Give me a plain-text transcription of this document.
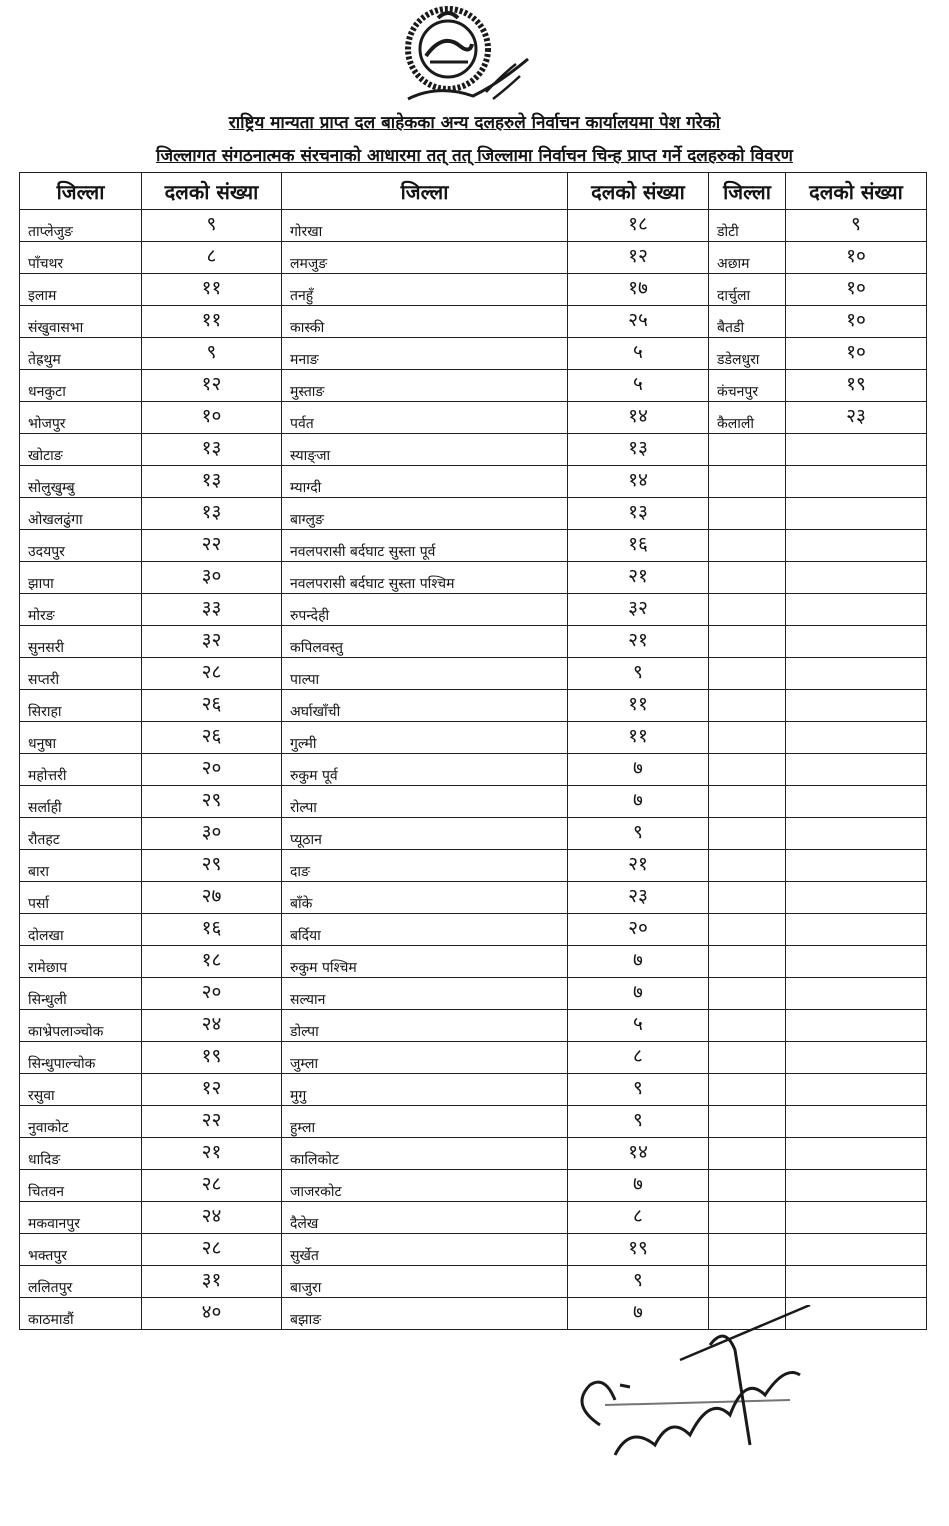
राष्ट्रिय मान्यता प्राप्त दल बाहेकका अन्य दलहरुले निर्वाचन कार्यालयमा पेश गरेको
जिल्लागत संगठनात्मक संरचनाको आधारमा तत् तत् जिल्लामा निर्वाचन चिन्ह प्राप्त गर्ने दलहरुको विवरण
जिल्ला	दलको संख्या	जिल्ला	दलको संख्या	जिल्ला	दलको संख्या
ताप्लेजुङ	९	गोरखा	१८	डोटी	९
पाँचथर	८	लमजुङ	१२	अछाम	१०
इलाम	११	तनहुँ	१७	दार्चुला	१०
संखुवासभा	११	कास्की	२५	बैतडी	१०
तेह्रथुम	९	मनाङ	५	डडेलधुरा	१०
धनकुटा	१२	मुस्ताङ	५	कंचनपुर	१९
भोजपुर	१०	पर्वत	१४	कैलाली	२३
खोटाङ	१३	स्याङ्जा	१३		
सोलुखुम्बु	१३	म्याग्दी	१४		
ओखलढुंगा	१३	बाग्लुङ	१३		
उदयपुर	२२	नवलपरासी बर्दघाट सुस्ता पूर्व	१६		
झापा	३०	नवलपरासी बर्दघाट सुस्ता पश्चिम	२१		
मोरङ	३३	रुपन्देही	३२		
सुनसरी	३२	कपिलवस्तु	२१		
सप्तरी	२८	पाल्पा	९		
सिराहा	२६	अर्घाखाँची	११		
धनुषा	२६	गुल्मी	११		
महोत्तरी	२०	रुकुम पूर्व	७		
सर्लाही	२९	रोल्पा	७		
रौतहट	३०	प्यूठान	९		
बारा	२९	दाङ	२१		
पर्सा	२७	बाँके	२३		
दोलखा	१६	बर्दिया	२०		
रामेछाप	१८	रुकुम पश्चिम	७		
सिन्धुली	२०	सल्यान	७		
काभ्रेपलाञ्चोक	२४	डोल्पा	५		
सिन्धुपाल्चोक	१९	जुम्ला	८		
रसुवा	१२	मुगु	९		
नुवाकोट	२२	हुम्ला	९		
धादिङ	२१	कालिकोट	१४		
चितवन	२८	जाजरकोट	७		
मकवानपुर	२४	दैलेख	८		
भक्तपुर	२८	सुर्खेत	१९		
ललितपुर	३१	बाजुरा	९		
काठमाडौं	४०	बझाङ	७		
